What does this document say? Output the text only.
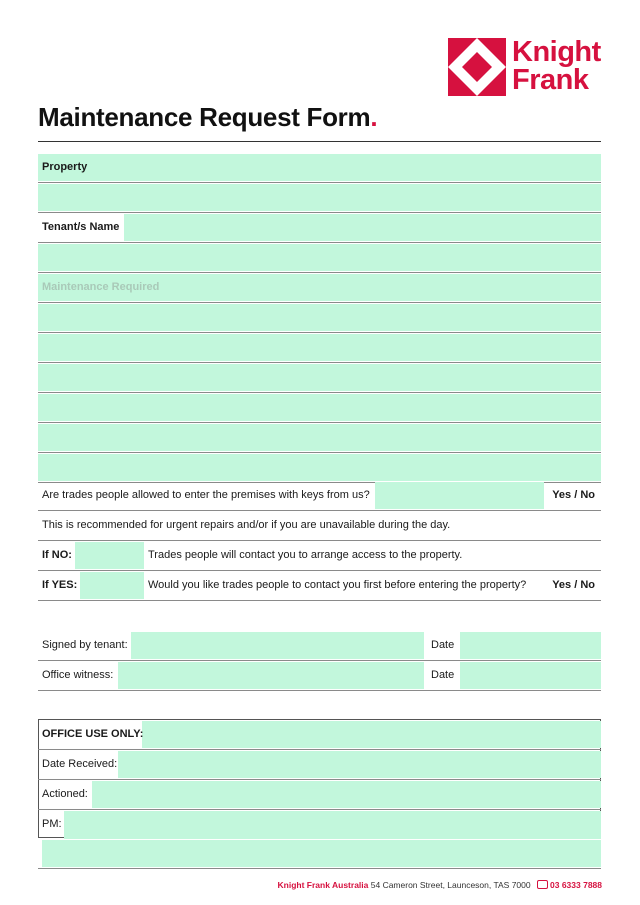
Knight
Frank
Maintenance Request Form.
Property
Tenant/s Name
Maintenance Required
Are trades people allowed to enter the premises with keys from us?	Yes / No
This is recommended for urgent repairs and/or if you are unavailable during the day.
If NO:	Trades people will contact you to arrange access to the property.
If YES:	Would you like trades people to contact you first before entering the property? Yes / No
Signed by tenant:	Date
Office witness:	Date
OFFICE USE ONLY:
Date Received:
Actioned:
PM:
Knight Frank Australia 54 Cameron Street, Launceson, TAS 7000 03 6333 7888
